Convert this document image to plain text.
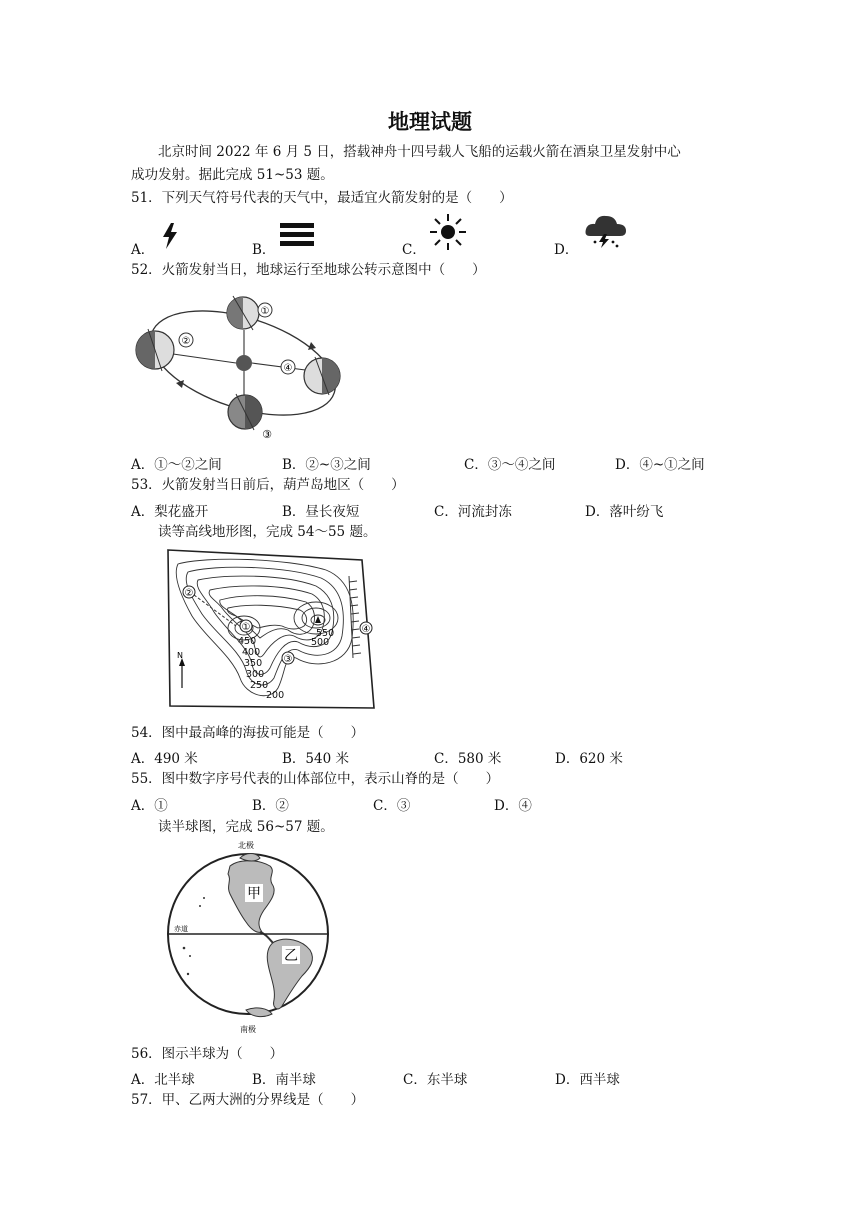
地理试题
北京时间 2022 年 6 月 5 日，搭载神舟十四号载人飞船的运载火箭在酒泉卫星发射中心
成功发射。据此完成 51~53 题。
51．下列天气符号代表的天气中，最适宜火箭发射的是（　　）
A．	B．	C．	D．
52．火箭发射当日，地球运行至地球公转示意图中（　　）
①
②
③
④
A．①～②之间	B．②~③之间	C．③～④之间	D．④~①之间
53．火箭发射当日前后，葫芦岛地区（　　）
A．梨花盛开	B．昼长夜短	C．河流封冻	D．落叶纷飞
读等高线地形图，完成 54～55 题。
①
②
③
④
450
400
350
300
250
200
550
500
N
54．图中最高峰的海拔可能是（　　）
A．490 米	B．540 米	C．580 米	D．620 米
55．图中数字序号代表的山体部位中，表示山脊的是（　　）
A．①	B．②	C．③	D．④
读半球图，完成 56~57 题。
赤道
北极
南极
甲
乙
56．图示半球为（　　）
A．北半球	B．南半球	C．东半球	D．西半球
57．甲、乙两大洲的分界线是（　　）
